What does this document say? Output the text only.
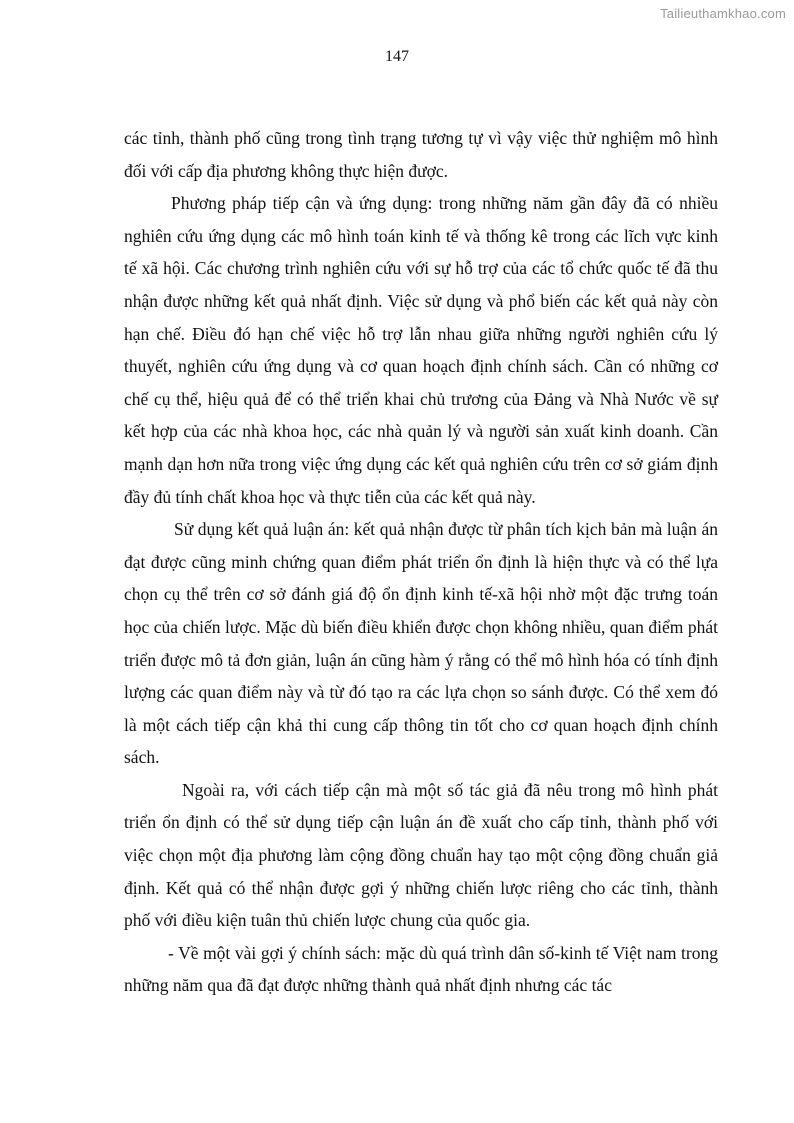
Tailieuthamkhao.com
147

các tỉnh, thành phố cũng trong tình trạng tương tự vì vậy việc thử nghiệm mô hình đối với cấp địa phương không thực hiện được.

Phương pháp tiếp cận và ứng dụng: trong những năm gần đây đã có nhiều nghiên cứu ứng dụng các mô hình toán kinh tế và thống kê trong các lĩch vực kinh tế xã hội. Các chương trình nghiên cứu với sự hỗ trợ của các tổ chức quốc tế đã thu nhận được những kết quả nhất định. Việc sử dụng và phổ biến các kết quả này còn hạn chế. Điều đó hạn chế việc hỗ trợ lẫn nhau giữa những người nghiên cứu lý thuyết, nghiên cứu ứng dụng và cơ quan hoạch định chính sách. Cần có những cơ chế cụ thể, hiệu quả để có thể triển khai chủ trương của Đảng và Nhà Nước về sự kết hợp của các nhà khoa học, các nhà quản lý và người sản xuất kinh doanh. Cần mạnh dạn hơn nữa trong việc ứng dụng các kết quả nghiên cứu trên cơ sở giám định đầy đủ tính chất khoa học và thực tiễn của các kết quả này.

Sử dụng kết quả luận án: kết quả nhận được từ phân tích kịch bản mà luận án đạt được cũng minh chứng quan điểm phát triển ổn định là hiện thực và có thể lựa chọn cụ thể trên cơ sở đánh giá độ ổn định kinh tế-xã hội nhờ một đặc trưng toán học của chiến lược. Mặc dù biến điều khiển được chọn không nhiều, quan điểm phát triển được mô tả đơn giản, luận án cũng hàm ý rằng có thể mô hình hóa có tính định lượng các quan điểm này và từ đó tạo ra các lựa chọn so sánh được. Có thể xem đó là một cách tiếp cận khả thi cung cấp thông tin tốt cho cơ quan hoạch định chính sách.

Ngoài ra, với cách tiếp cận mà một số tác giả đã nêu trong mô hình phát triển ổn định có thể sử dụng tiếp cận luận án đề xuất cho cấp tỉnh, thành phố với việc chọn một địa phương làm cộng đồng chuẩn hay tạo một cộng đồng chuẩn giả định. Kết quả có thể nhận được gợi ý những chiến lược riêng cho các tỉnh, thành phố với điều kiện tuân thủ chiến lược chung của quốc gia.

- Về một vài gợi ý chính sách: mặc dù quá trình dân số-kinh tế Việt nam trong những năm qua đã đạt được những thành quả nhất định nhưng các tác
